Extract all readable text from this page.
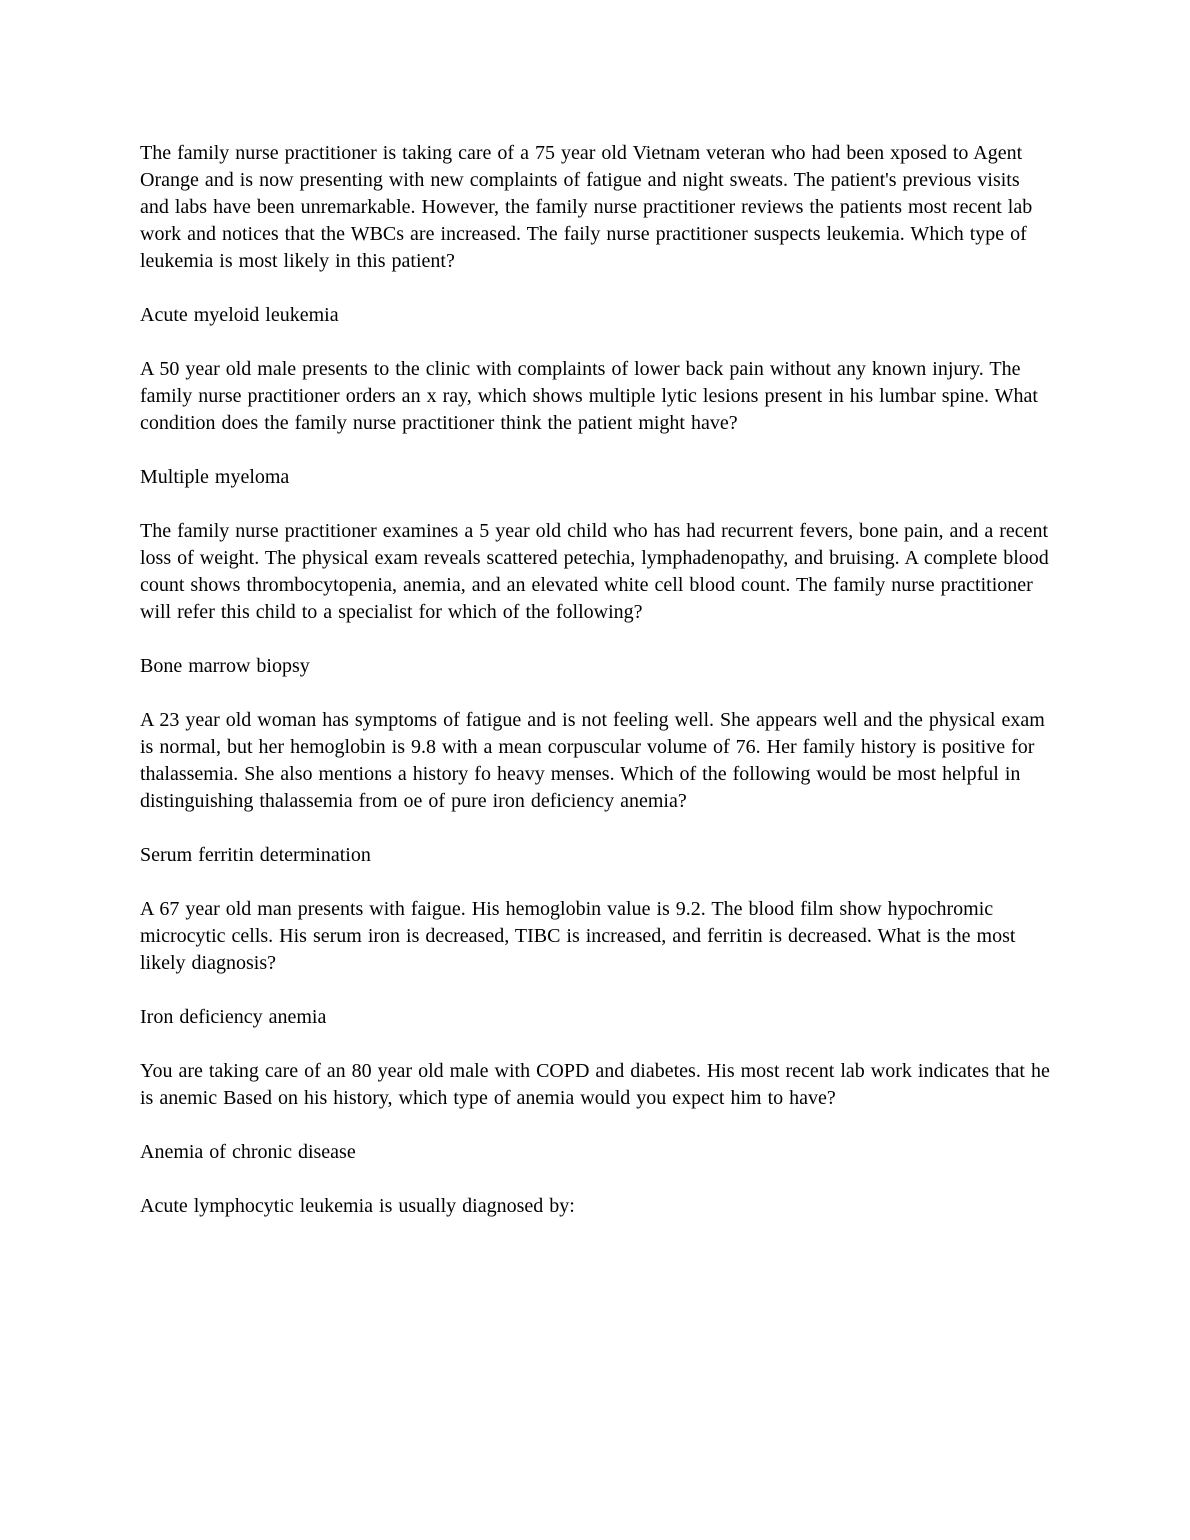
The family nurse practitioner is taking care of a 75 year old Vietnam veteran who had been xposed to Agent Orange and is now presenting with new complaints of fatigue and night sweats. The patient's previous visits and labs have been unremarkable. However, the family nurse practitioner reviews the patients most recent lab work and notices that the WBCs are increased. The faily nurse practitioner suspects leukemia. Which type of leukemia is most likely in this patient?

Acute myeloid leukemia

A 50 year old male presents to the clinic with complaints of lower back pain without any known injury. The family nurse practitioner orders an x ray, which shows multiple lytic lesions present in his lumbar spine. What condition does the family nurse practitioner think the patient might have?

Multiple myeloma

The family nurse practitioner examines a 5 year old child who has had recurrent fevers, bone pain, and a recent loss of weight. The physical exam reveals scattered petechia, lymphadenopathy, and bruising. A complete blood count shows thrombocytopenia, anemia, and an elevated white cell blood count. The family nurse practitioner will refer this child to a specialist for which of the following?

Bone marrow biopsy

A 23 year old woman has symptoms of fatigue and is not feeling well. She appears well and the physical exam is normal, but her hemoglobin is 9.8 with a mean corpuscular volume of 76. Her family history is positive for thalassemia. She also mentions a history fo heavy menses. Which of the following would be most helpful in distinguishing thalassemia from oe of pure iron deficiency anemia?

Serum ferritin determination

A 67 year old man presents with faigue. His hemoglobin value is 9.2. The blood film show hypochromic microcytic cells. His serum iron is decreased, TIBC is increased, and ferritin is decreased. What is the most likely diagnosis?

Iron deficiency anemia

You are taking care of an 80 year old male with COPD and diabetes. His most recent lab work indicates that he is anemic Based on his history, which type of anemia would you expect him to have?

Anemia of chronic disease

Acute lymphocytic leukemia is usually diagnosed by:
